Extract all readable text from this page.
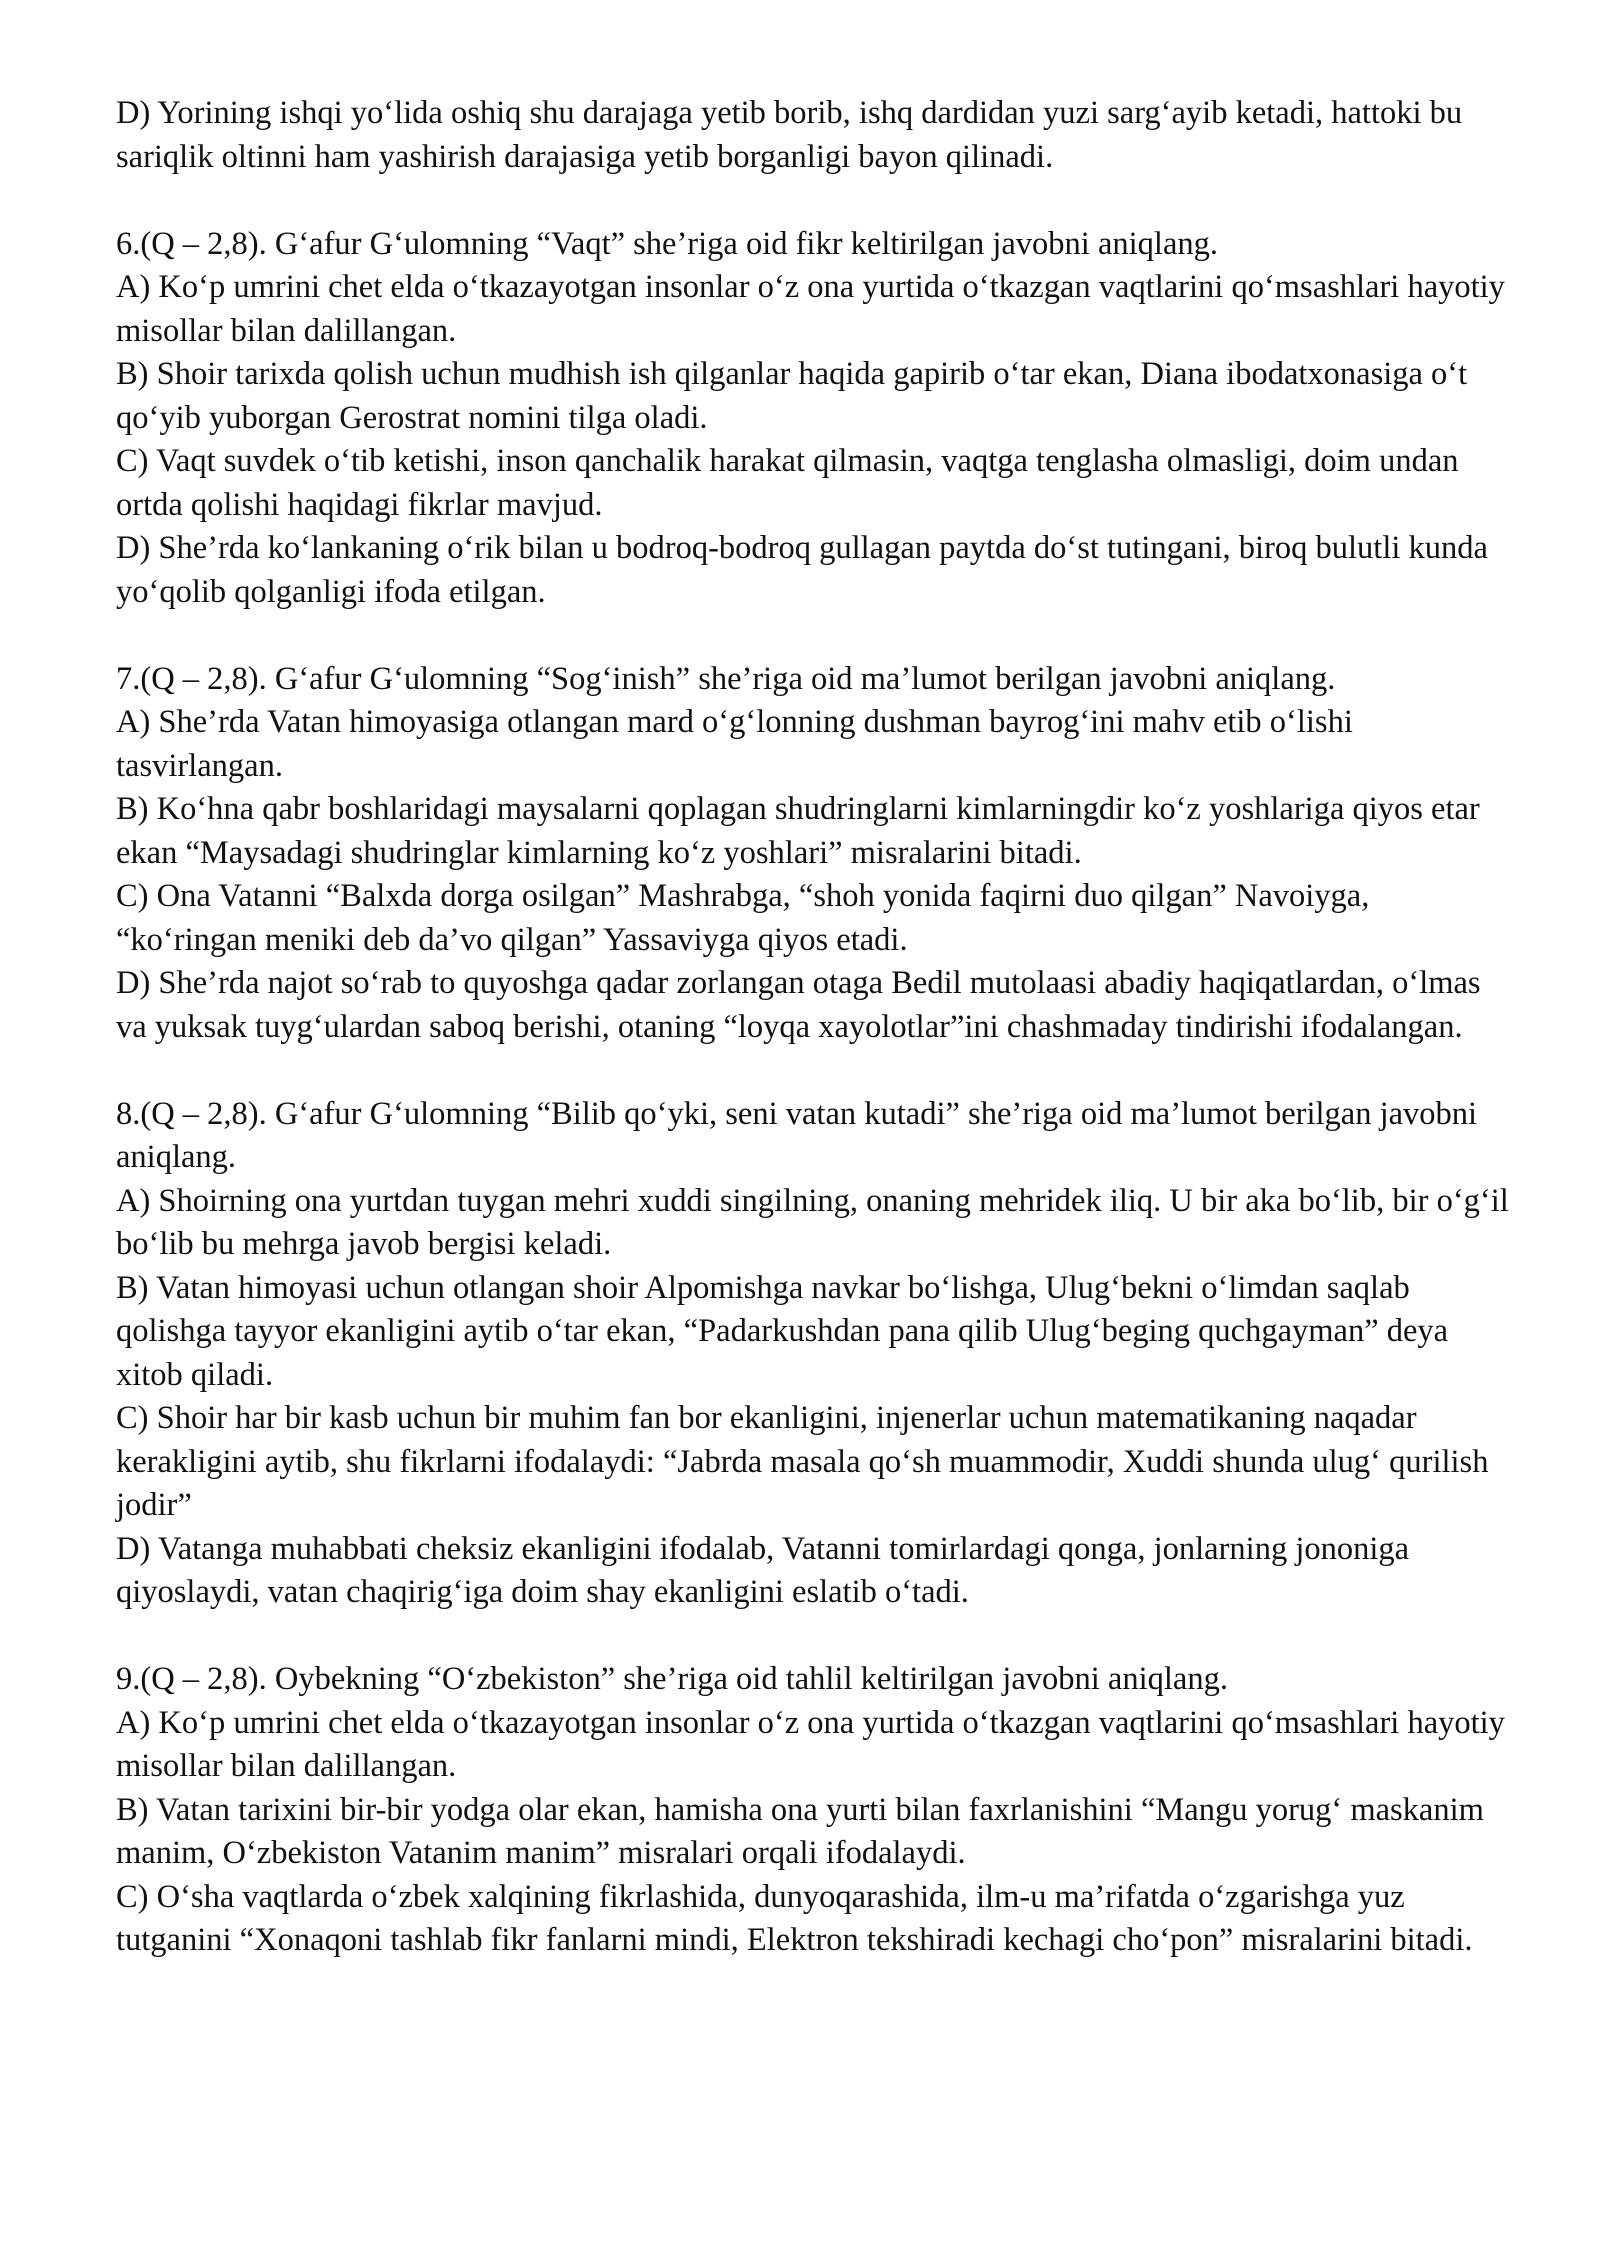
D) Yorining ishqi yo‘lida oshiq shu darajaga yetib borib, ishq dardidan yuzi sarg‘ayib ketadi, hattoki bu sariqlik oltinni ham yashirish darajasiga yetib borganligi bayon qilinadi.

6.(Q – 2,8). G‘afur G‘ulomning “Vaqt” she’riga oid fikr keltirilgan javobni aniqlang.

A) Ko‘p umrini chet elda o‘tkazayotgan insonlar o‘z ona yurtida o‘tkazgan vaqtlarini qo‘msashlari hayotiy misollar bilan dalillangan.

B) Shoir tarixda qolish uchun mudhish ish qilganlar haqida gapirib o‘tar ekan, Diana ibodatxonasiga o‘t qo‘yib yuborgan Gerostrat nomini tilga oladi.

C) Vaqt suvdek o‘tib ketishi, inson qanchalik harakat qilmasin, vaqtga tenglasha olmasligi, doim undan ortda qolishi haqidagi fikrlar mavjud.

D) She’rda ko‘lankaning o‘rik bilan u bodroq-bodroq gullagan paytda do‘st tutingani, biroq bulutli kunda yo‘qolib qolganligi ifoda etilgan.

7.(Q – 2,8). G‘afur G‘ulomning “Sog‘inish” she’riga oid ma’lumot berilgan javobni aniqlang.

A) She’rda Vatan himoyasiga otlangan mard o‘g‘lonning dushman bayrog‘ini mahv etib o‘lishi tasvirlangan.

B) Ko‘hna qabr boshlaridagi maysalarni qoplagan shudringlarni kimlarningdir ko‘z yoshlariga qiyos etar ekan “Maysadagi shudringlar kimlarning ko‘z yoshlari” misralarini bitadi.

C) Ona Vatanni “Balxda dorga osilgan” Mashrabga, “shoh yonida faqirni duo qilgan” Navoiyga, “ko‘ringan meniki deb da’vo qilgan” Yassaviyga qiyos etadi.

D) She’rda najot so‘rab to quyoshga qadar zorlangan otaga Bedil mutolaasi abadiy haqiqatlardan, o‘lmas va yuksak tuyg‘ulardan saboq berishi, otaning “loyqa xayolotlar”ini chashmaday tindirishi ifodalangan.

8.(Q – 2,8). G‘afur G‘ulomning “Bilib qo‘yki, seni vatan kutadi” she’riga oid ma’lumot berilgan javobni aniqlang.

A) Shoirning ona yurtdan tuygan mehri xuddi singilning, onaning mehridek iliq. U bir aka bo‘lib, bir o‘g‘il bo‘lib bu mehrga javob bergisi keladi.

B) Vatan himoyasi uchun otlangan shoir Alpomishga navkar bo‘lishga, Ulug‘bekni o‘limdan saqlab qolishga tayyor ekanligini aytib o‘tar ekan, “Padarkushdan pana qilib Ulug‘beging quchgayman” deya xitob qiladi.

C) Shoir har bir kasb uchun bir muhim fan bor ekanligini, injenerlar uchun matematikaning naqadar kerakligini aytib, shu fikrlarni ifodalaydi: “Jabrda masala qo‘sh muammodir, Xuddi shunda ulug‘ qurilish jodir”

D) Vatanga muhabbati cheksiz ekanligini ifodalab, Vatanni tomirlardagi qonga, jonlarning jononiga qiyoslaydi, vatan chaqirig‘iga doim shay ekanligini eslatib o‘tadi.

9.(Q – 2,8). Oybekning “O‘zbekiston” she’riga oid tahlil keltirilgan javobni aniqlang.

A) Ko‘p umrini chet elda o‘tkazayotgan insonlar o‘z ona yurtida o‘tkazgan vaqtlarini qo‘msashlari hayotiy misollar bilan dalillangan.

B) Vatan tarixini bir-bir yodga olar ekan, hamisha ona yurti bilan faxrlanishini “Mangu yorug‘ maskanim manim, O‘zbekiston Vatanim manim” misralari orqali ifodalaydi.

C) O‘sha vaqtlarda o‘zbek xalqining fikrlashida, dunyoqarashida, ilm-u ma’rifatda o‘zgarishga yuz tutganini “Xonaqoni tashlab fikr fanlarni mindi, Elektron tekshiradi kechagi cho‘pon” misralarini bitadi.
